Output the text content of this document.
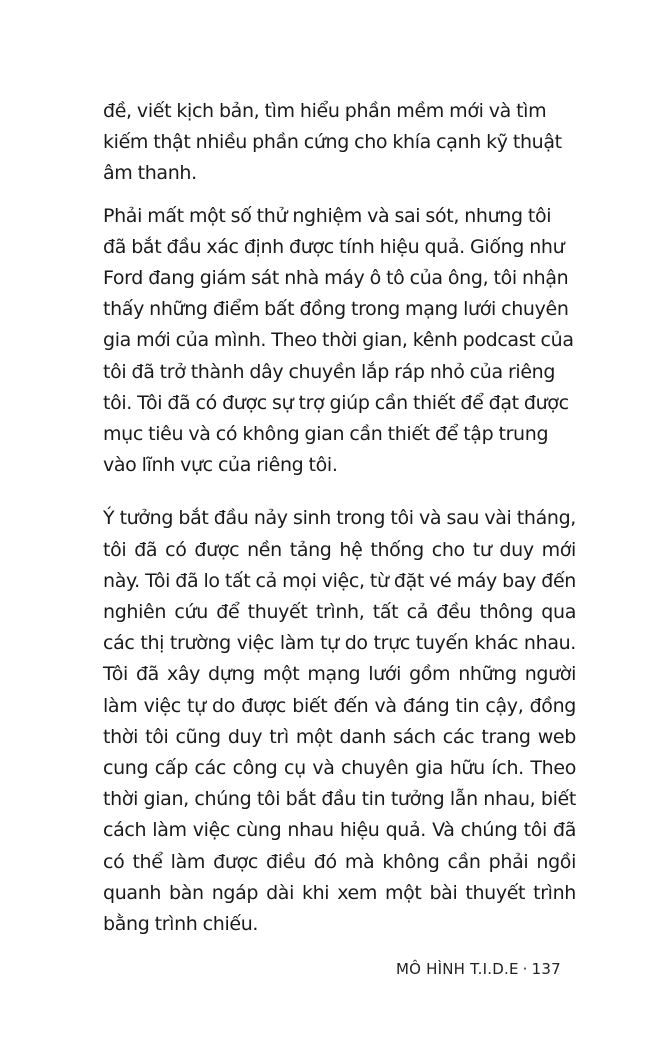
đề, viết kịch bản, tìm hiểu phần mềm mới và tìm kiếm thật nhiều phần cứng cho khía cạnh kỹ thuật âm thanh.

Phải mất một số thử nghiệm và sai sót, nhưng tôi đã bắt đầu xác định được tính hiệu quả. Giống như Ford đang giám sát nhà máy ô tô của ông, tôi nhận thấy những điểm bất đồng trong mạng lưới chuyên gia mới của mình. Theo thời gian, kênh podcast của tôi đã trở thành dây chuyền lắp ráp nhỏ của riêng tôi. Tôi đã có được sự trợ giúp cần thiết để đạt được mục tiêu và có không gian cần thiết để tập trung vào lĩnh vực của riêng tôi.

Ý tưởng bắt đầu nảy sinh trong tôi và sau vài tháng, tôi đã có được nền tảng hệ thống cho tư duy mới này. Tôi đã lo tất cả mọi việc, từ đặt vé máy bay đến nghiên cứu để thuyết trình, tất cả đều thông qua các thị trường việc làm tự do trực tuyến khác nhau. Tôi đã xây dựng một mạng lưới gồm những người làm việc tự do được biết đến và đáng tin cậy, đồng thời tôi cũng duy trì một danh sách các trang web cung cấp các công cụ và chuyên gia hữu ích. Theo thời gian, chúng tôi bắt đầu tin tưởng lẫn nhau, biết cách làm việc cùng nhau hiệu quả. Và chúng tôi đã có thể làm được điều đó mà không cần phải ngồi quanh bàn ngáp dài khi xem một bài thuyết trình bằng trình chiếu.

MÔ HÌNH T.I.D.E · 137
